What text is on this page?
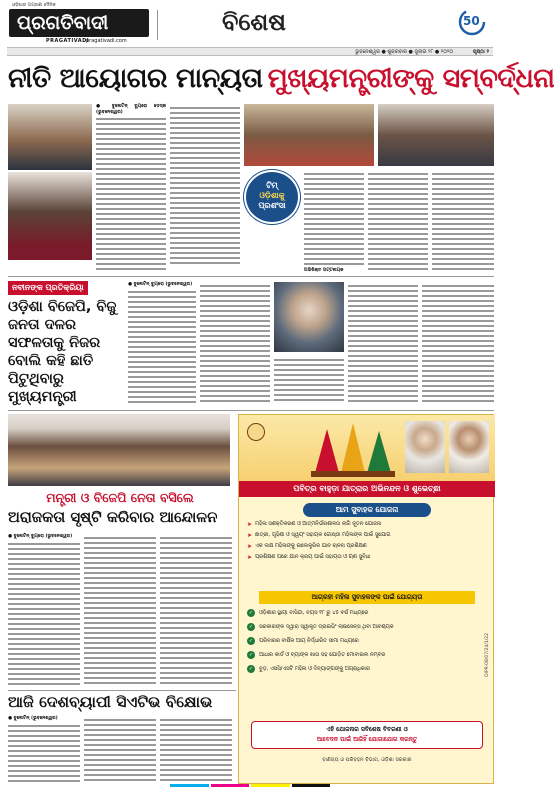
ଓଡ଼ିଶାର ଅଗ୍ରଣୀ ଦୈନିକ
ପ୍ରଗତିବାଦୀ
PRAGATIVADI
pragativadi.com
ବିଶେଷ	50
ଭୁବନେଶ୍ୱର ● ଶୁକ୍ରବାର ● ଜୁଲାଇ ୨୮ ● ୨୦୨୦	ପୃଷ୍ଠା ୨
ନୀତି ଆୟୋଗର ମାନ୍ୟତା ମୁଖ୍ୟମନ୍ତ୍ରୀଙ୍କୁ ସମ୍ବର୍ଦ୍ଧନା
● ବୁଲେଟିନ୍ ବ୍ୟୁରୋ ଡେସ୍କ (ଭୁବନେଶ୍ୱର)
ଟିମ୍
ଓଡ଼ିଶାକୁ
ପ୍ରଶଂସା
ଅଭିଷିକ୍ତ ପଟ୍ଟନାୟକ
ନବୀନଙ୍କ ପ୍ରତିକ୍ରିୟା
ଓଡ଼ିଶା ବିଜେପି, ବିଜୁ ଜନତା ଦଳର ସଫଳତାକୁ ନିଜର ବୋଲି କହି ଛାତି ପିଟୁଥିବାରୁ ମୁଖ୍ୟମନ୍ତ୍ରୀ
● ବୁଲେଟିନ୍ ବ୍ୟୁରୋ (ଭୁବନେଶ୍ୱର)
ମନ୍ତ୍ରୀ ଓ ବିଜେପି ନେତା ବସିଲେ
ଅରାଜକତା ସୃଷ୍ଟି କରିବାର ଆନ୍ଦୋଳନ
● ବୁଲେଟିନ୍ ବ୍ୟୁରୋ (ଭୁବନେଶ୍ୱର)
ଆଜି ଦେଶବ୍ୟାପୀ ସିଏଟିଭ ବିକ୍ଷୋଭ
● ବୁଲେଟିନ୍ (ଭୁବନେଶ୍ୱର)
ପବିତ୍ର ବାହୁଡ଼ା ଯାତ୍ରାର ଅଭିନନ୍ଦନ ଓ ଶୁଭେଚ୍ଛା
ଆମ ସୁବାହକ ଯୋଜନା
➤ ମହିଳା ସଶକ୍ତିକରଣ ଓ ଆତ୍ମନିର୍ଭରଶୀଳତା ଲାଗି ନୂତନ ଯୋଜନା
➤ ଛାତ୍ରୀ, ଗୃହିଣୀ ଓ ସ୍ୱୟଂ ସହାୟକ ଗୋଷ୍ଠୀ ମହିଳାଙ୍କ ପାଇଁ ସୁଯୋଗ
➤ ଏକ ଲକ୍ଷ ମହିଳାଙ୍କୁ ଇଲେକ୍ଟ୍ରିକ ଯାନ ଚାଳନା ପ୍ରଶିକ୍ଷଣ
➤ ପ୍ରଶିକ୍ଷଣ ପରେ ଯାନ କ୍ରୟ ପାଇଁ ସହାୟତା ଓ ଋଣ ସୁବିଧା
ଆଗ୍ରହୀ ମହିଳା ସୁବାହକଙ୍କ ପାଇଁ ଯୋଗ୍ୟତା
✓	ଓଡ଼ିଶାର ସ୍ଥାୟୀ ବାସିନ୍ଦା, ବୟସ ୧୮ ରୁ ୪୫ ବର୍ଷ ମଧ୍ୟରେ
✓	ସରକାରଙ୍କ ଦ୍ୱାରା ସ୍ୱୀକୃତ ଡ୍ରାଇଭିଂ ଲାଇସେନ୍ସ ଥିବା ଆବଶ୍ୟକ
✓	ପରିବାରର ବାର୍ଷିକ ଆୟ ନିର୍ଦ୍ଧାରିତ ସୀମା ମଧ୍ୟରେ
✓	ଆଧାର କାର୍ଡ ଓ ବ୍ୟାଙ୍କ ଖାତା ସହ ଯୋଡ଼ିତ ମୋବାଇଲ ନମ୍ବର
✓	ବୁଡ଼, ଏସସି/ଏସଟି ମହିଳା ଓ ଦିବ୍ୟାଙ୍ଗଙ୍କୁ ଅଗ୍ରାଧିକାର
ଏହି ଯୋଜନାର ସବିଶେଷ ବିବରଣୀ ଓ
ଆବେଦନ ପାଇଁ ଆଜିହିଁ ଯୋଗାଯୋଗ କରନ୍ତୁ
ବାଣିଜ୍ୟ ଓ ପରିବହନ ବିଭାଗ, ଓଡ଼ିଶା ସରକାର
OIPR-08/07/24/1/22
